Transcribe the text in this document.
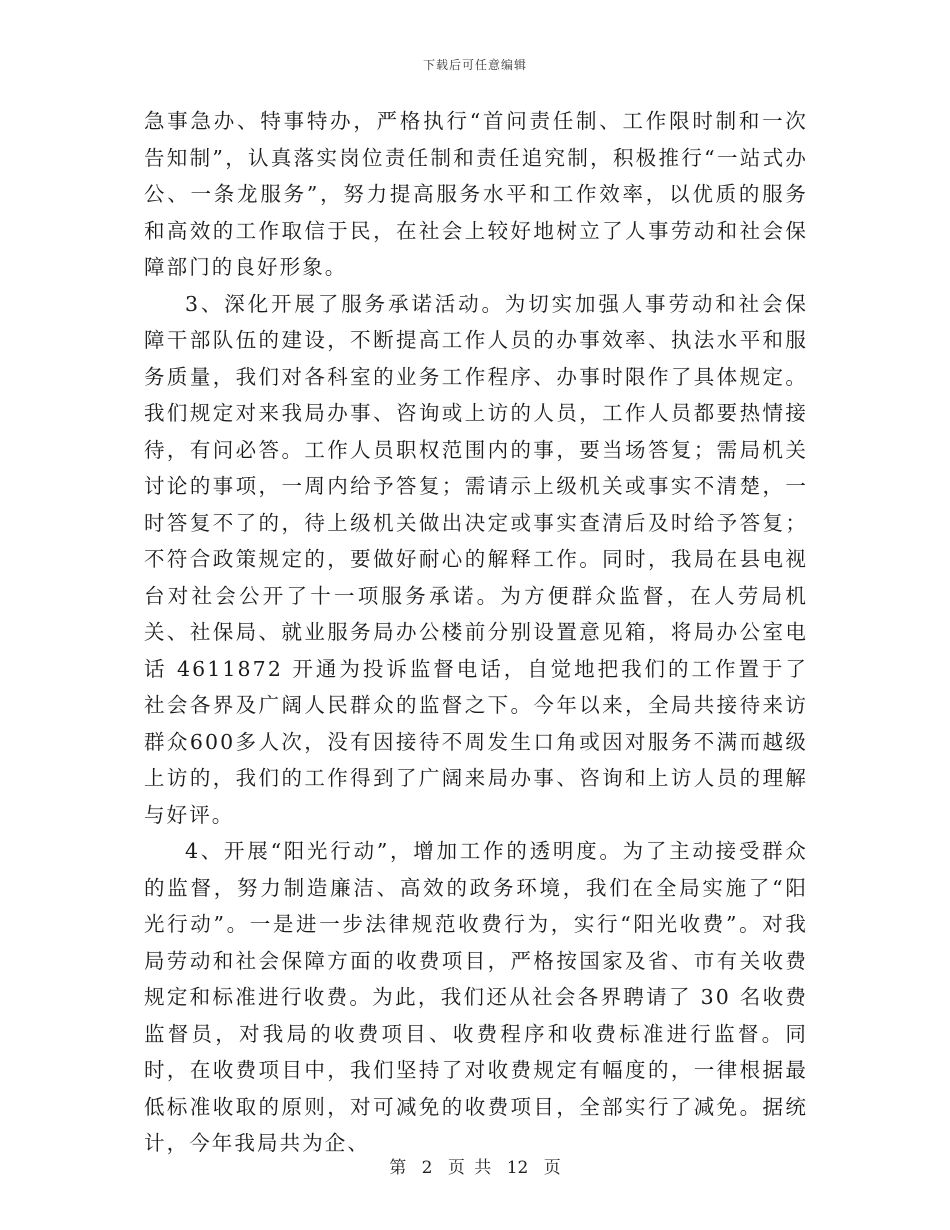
下载后可任意编辑

急事急办、特事特办，严格执行“首问责任制、工作限时制和一次告知制”，认真落实岗位责任制和责任追究制，积极推行“一站式办公、一条龙服务”，努力提高服务水平和工作效率，以优质的服务和高效的工作取信于民，在社会上较好地树立了人事劳动和社会保障部门的良好形象。

3、深化开展了服务承诺活动。为切实加强人事劳动和社会保障干部队伍的建设，不断提高工作人员的办事效率、执法水平和服务质量，我们对各科室的业务工作程序、办事时限作了具体规定。我们规定对来我局办事、咨询或上访的人员，工作人员都要热情接待，有问必答。工作人员职权范围内的事，要当场答复；需局机关讨论的事项，一周内给予答复；需请示上级机关或事实不清楚，一时答复不了的，待上级机关做出决定或事实查清后及时给予答复；不符合政策规定的，要做好耐心的解释工作。同时，我局在县电视台对社会公开了十一项服务承诺。为方便群众监督，在人劳局机关、社保局、就业服务局办公楼前分别设置意见箱，将局办公室电话 4611872 开通为投诉监督电话，自觉地把我们的工作置于了社会各界及广阔人民群众的监督之下。今年以来，全局共接待来访群众600多人次，没有因接待不周发生口角或因对服务不满而越级上访的，我们的工作得到了广阔来局办事、咨询和上访人员的理解与好评。

4、开展“阳光行动”，增加工作的透明度。为了主动接受群众的监督，努力制造廉洁、高效的政务环境，我们在全局实施了“阳光行动”。一是进一步法律规范收费行为，实行“阳光收费”。对我局劳动和社会保障方面的收费项目，严格按国家及省、市有关收费规定和标准进行收费。为此，我们还从社会各界聘请了 30 名收费监督员，对我局的收费项目、收费程序和收费标准进行监督。同时，在收费项目中，我们坚持了对收费规定有幅度的，一律根据最低标准收取的原则，对可减免的收费项目，全部实行了减免。据统计，今年我局共为企、

第 2 页 共 12 页
